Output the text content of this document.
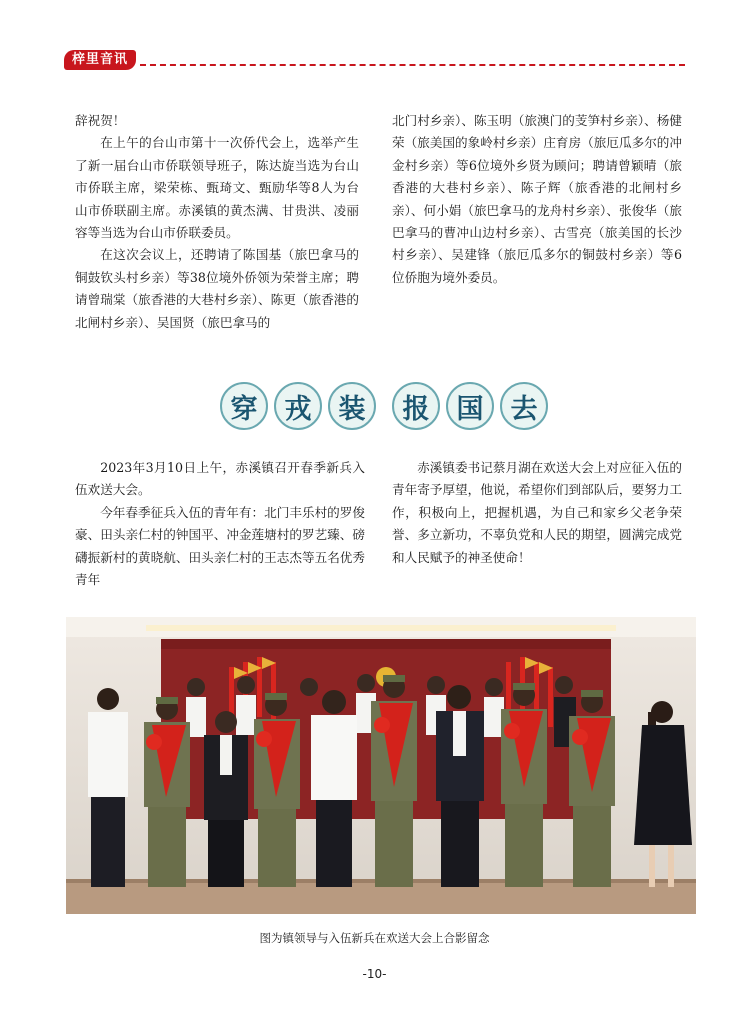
梓里音讯

辞祝贺！

在上午的台山市第十一次侨代会上，选举产生了新一届台山市侨联领导班子，陈达旋当选为台山市侨联主席，梁荣栋、甄琦文、甄励华等8人为台山市侨联副主席。赤溪镇的黄杰满、甘贵洪、凌丽容等当选为台山市侨联委员。

在这次会议上，还聘请了陈国基（旅巴拿马的铜鼓钦头村乡亲）等38位境外侨领为荣誉主席；聘请曾瑞棠（旅香港的大巷村乡亲）、陈更（旅香港的北闸村乡亲）、吴国贤（旅巴拿马的

北门村乡亲）、陈玉明（旅澳门的芰笋村乡亲）、杨健荣（旅美国的象岭村乡亲）庄育房（旅厄瓜多尔的冲金村乡亲）等6位境外乡贤为顾问；聘请曾颖晴（旅香港的大巷村乡亲）、陈子辉（旅香港的北闸村乡亲）、何小娟（旅巴拿马的龙舟村乡亲）、张俊华（旅巴拿马的曹冲山边村乡亲）、古雪亮（旅美国的长沙村乡亲）、吴建锋（旅厄瓜多尔的铜鼓村乡亲）等6位侨胞为境外委员。

穿	戎	装	报	国	去

2023年3月10日上午，赤溪镇召开春季新兵入伍欢送大会。

今年春季征兵入伍的青年有：北门丰乐村的罗俊豪、田头亲仁村的钟国平、冲金莲塘村的罗艺臻、磅礴振新村的黄晓航、田头亲仁村的王志杰等五名优秀青年

赤溪镇委书记蔡月湖在欢送大会上对应征入伍的青年寄予厚望，他说，希望你们到部队后，要努力工作，积极向上，把握机遇，为自己和家乡父老争荣誉、多立新功，不辜负党和人民的期望，圆满完成党和人民赋予的神圣使命！

图为镇领导与入伍新兵在欢送大会上合影留念
-10-
